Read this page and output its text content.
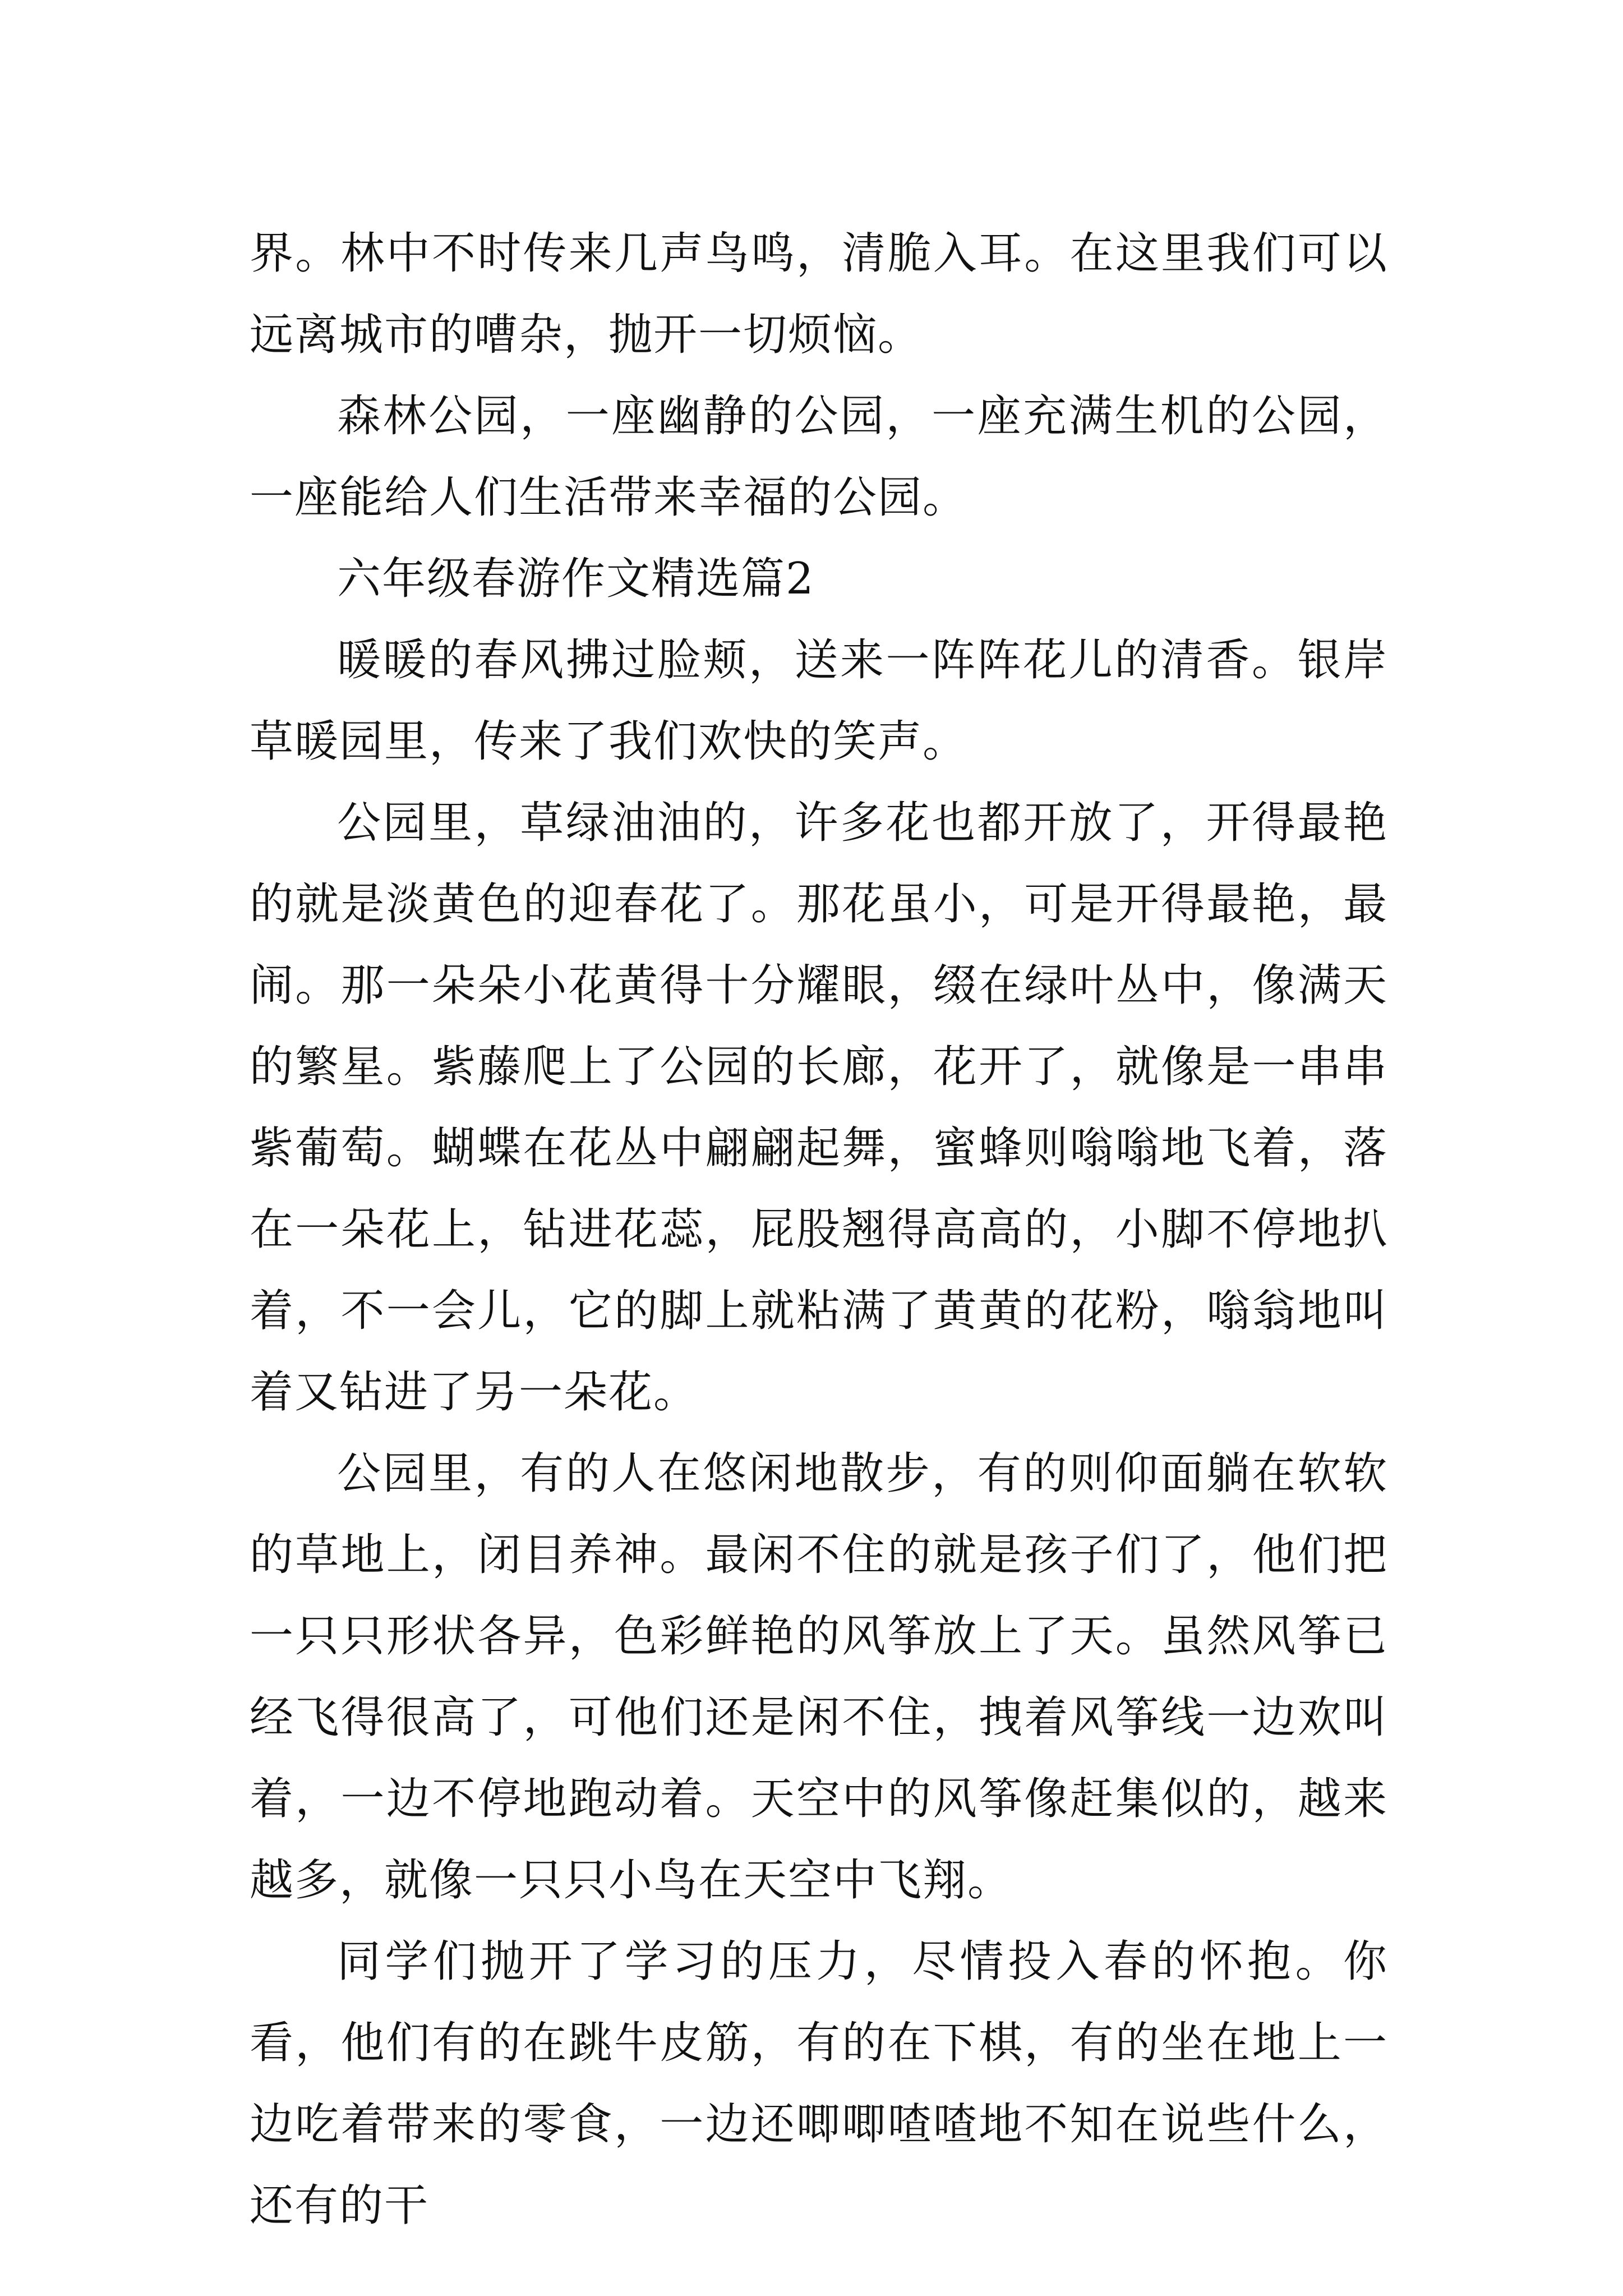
界。林中不时传来几声鸟鸣，清脆入耳。在这里我们可以远离城市的嘈杂，抛开一切烦恼。

森林公园，一座幽静的公园，一座充满生机的公园，一座能给人们生活带来幸福的公园。

六年级春游作文精选篇2

暖暖的春风拂过脸颊，送来一阵阵花儿的清香。银岸草暖园里，传来了我们欢快的笑声。

公园里，草绿油油的，许多花也都开放了，开得最艳的就是淡黄色的迎春花了。那花虽小，可是开得最艳，最闹。那一朵朵小花黄得十分耀眼，缀在绿叶丛中，像满天的繁星。紫藤爬上了公园的长廊，花开了，就像是一串串紫葡萄。蝴蝶在花丛中翩翩起舞，蜜蜂则嗡嗡地飞着，落在一朵花上，钻进花蕊，屁股翘得高高的，小脚不停地扒着，不一会儿，它的脚上就粘满了黄黄的花粉，嗡翁地叫着又钻进了另一朵花。

公园里，有的人在悠闲地散步，有的则仰面躺在软软的草地上，闭目养神。最闲不住的就是孩子们了，他们把一只只形状各异，色彩鲜艳的风筝放上了天。虽然风筝已经飞得很高了，可他们还是闲不住，拽着风筝线一边欢叫着，一边不停地跑动着。天空中的风筝像赶集似的，越来越多，就像一只只小鸟在天空中飞翔。

同学们抛开了学习的压力，尽情投入春的怀抱。你看，他们有的在跳牛皮筋，有的在下棋，有的坐在地上一边吃着带来的零食，一边还唧唧喳喳地不知在说些什么，还有的干
